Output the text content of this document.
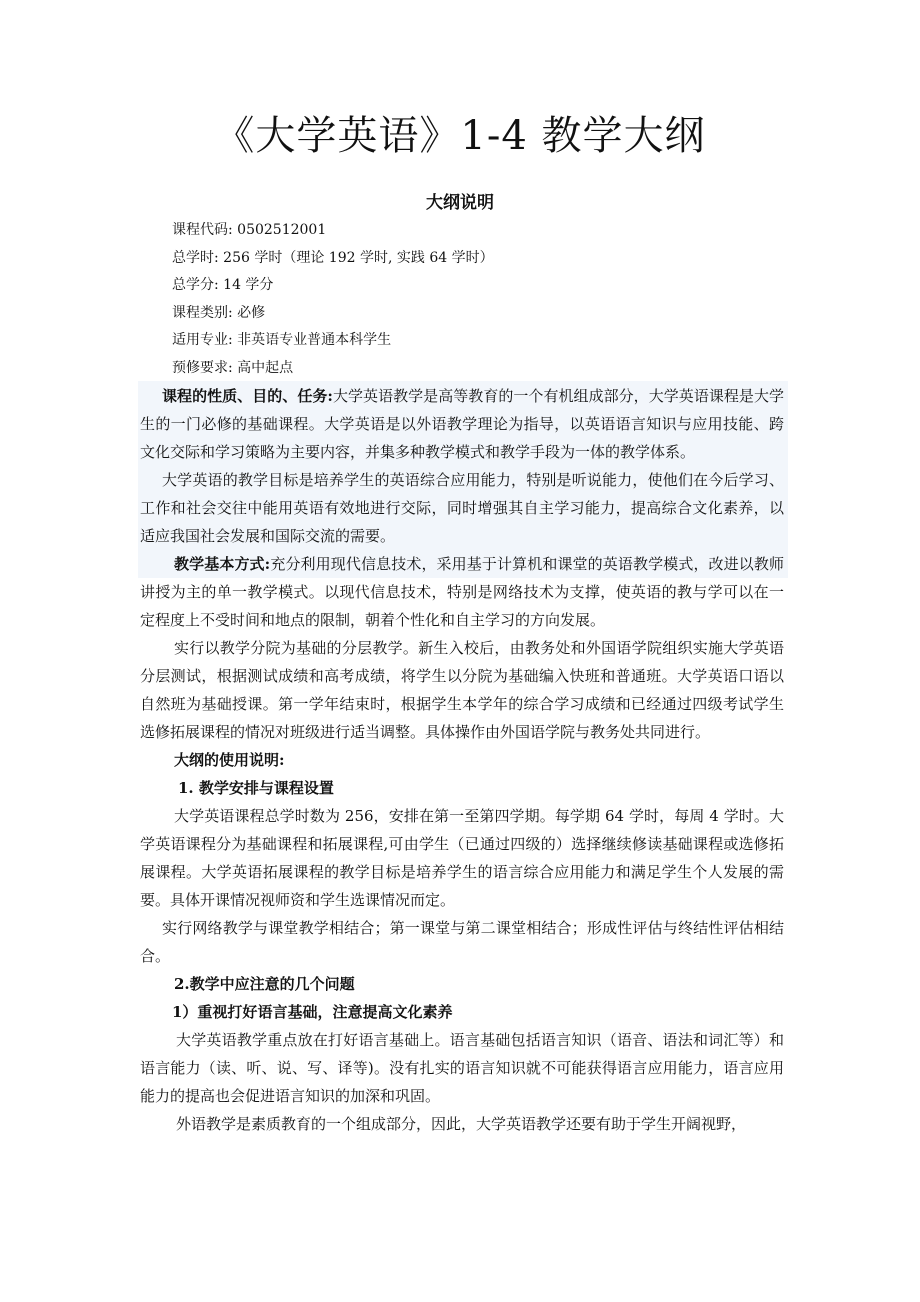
《大学英语》1-4 教学大纲
大纲说明
课程代码: 0502512001
总学时: 256 学时（理论 192 学时, 实践 64 学时）
总学分: 14 学分
课程类别: 必修
适用专业: 非英语专业普通本科学生
预修要求: 高中起点

课程的性质、目的、任务:大学英语教学是高等教育的一个有机组成部分，大学英语课程是大学生的一门必修的基础课程。大学英语是以外语教学理论为指导，以英语语言知识与应用技能、跨文化交际和学习策略为主要内容，并集多种教学模式和教学手段为一体的教学体系。

大学英语的教学目标是培养学生的英语综合应用能力，特别是听说能力，使他们在今后学习、工作和社会交往中能用英语有效地进行交际，同时增强其自主学习能力，提高综合文化素养，以适应我国社会发展和国际交流的需要。

教学基本方式:充分利用现代信息技术，采用基于计算机和课堂的英语教学模式，改进以教师讲授为主的单一教学模式。以现代信息技术，特别是网络技术为支撑，使英语的教与学可以在一定程度上不受时间和地点的限制，朝着个性化和自主学习的方向发展。

实行以教学分院为基础的分层教学。新生入校后，由教务处和外国语学院组织实施大学英语分层测试，根据测试成绩和高考成绩，将学生以分院为基础编入快班和普通班。大学英语口语以自然班为基础授课。第一学年结束时，根据学生本学年的综合学习成绩和已经通过四级考试学生选修拓展课程的情况对班级进行适当调整。具体操作由外国语学院与教务处共同进行。

大纲的使用说明:
1. 教学安排与课程设置

大学英语课程总学时数为 256，安排在第一至第四学期。每学期 64 学时，每周 4 学时。大学英语课程分为基础课程和拓展课程,可由学生（已通过四级的）选择继续修读基础课程或选修拓展课程。大学英语拓展课程的教学目标是培养学生的语言综合应用能力和满足学生个人发展的需要。具体开课情况视师资和学生选课情况而定。

实行网络教学与课堂教学相结合；第一课堂与第二课堂相结合；形成性评估与终结性评估相结合。

2.教学中应注意的几个问题
1）重视打好语言基础，注意提高文化素养

大学英语教学重点放在打好语言基础上。语言基础包括语言知识（语音、语法和词汇等）和语言能力（读、听、说、写、译等)。没有扎实的语言知识就不可能获得语言应用能力，语言应用能力的提高也会促进语言知识的加深和巩固。

外语教学是素质教育的一个组成部分，因此，大学英语教学还要有助于学生开阔视野，
